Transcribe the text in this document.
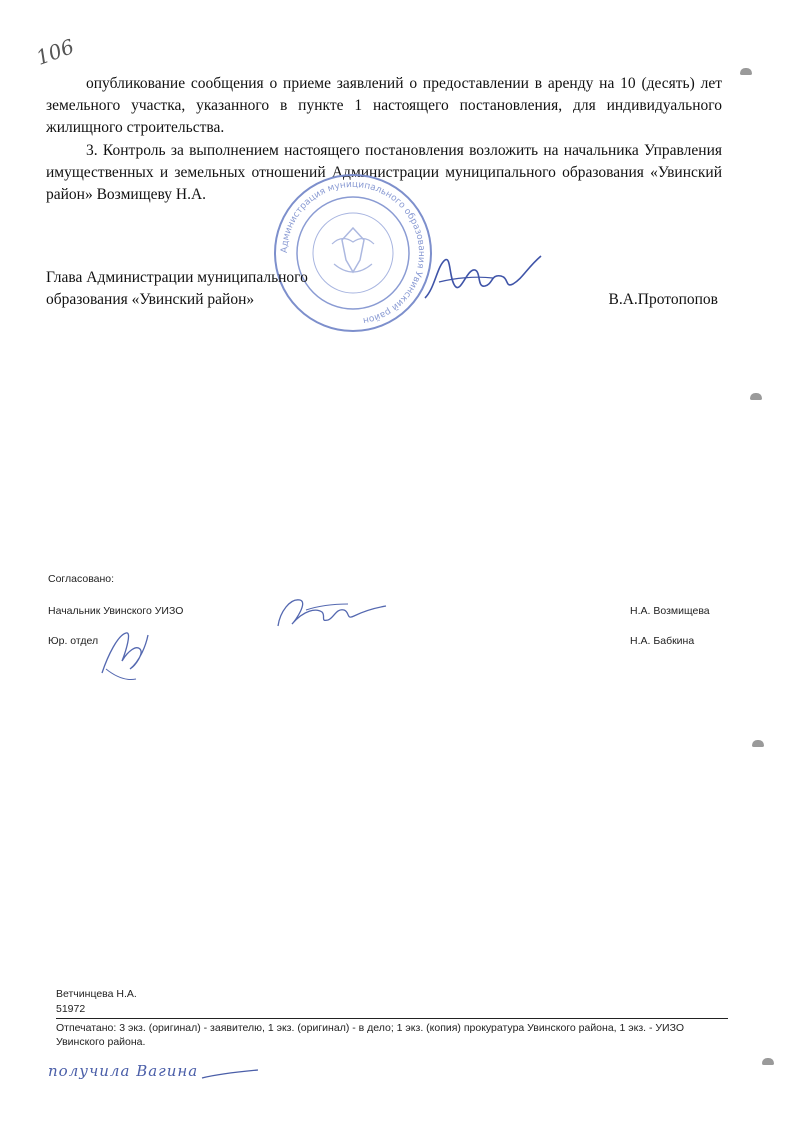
106
опубликование сообщения о приеме заявлений о предоставлении в аренду на 10 (десять) лет земельного участка, указанного в пункте 1 настоящего постановления, для индивидуального жилищного строительства.
3. Контроль за выполнением настоящего постановления возложить на начальника Управления имущественных и земельных отношений Администрации муниципального образования «Увинский район» Возмищеву Н.А.
Администрация муниципального образования Увинский район
Глава Администрации муниципального
образования «Увинский район»	В.А.Протопопов
Согласовано:
Начальник Увинского УИЗО	Н.А. Возмищева
Юр. отдел	Н.А. Бабкина
Ветчинцева Н.А.
51972
Отпечатано: 3 экз. (оригинал) - заявителю, 1 экз. (оригинал) - в дело; 1 экз. (копия) прокуратура Увинского района, 1 экз. - УИЗО Увинского района.
получила Вагина
